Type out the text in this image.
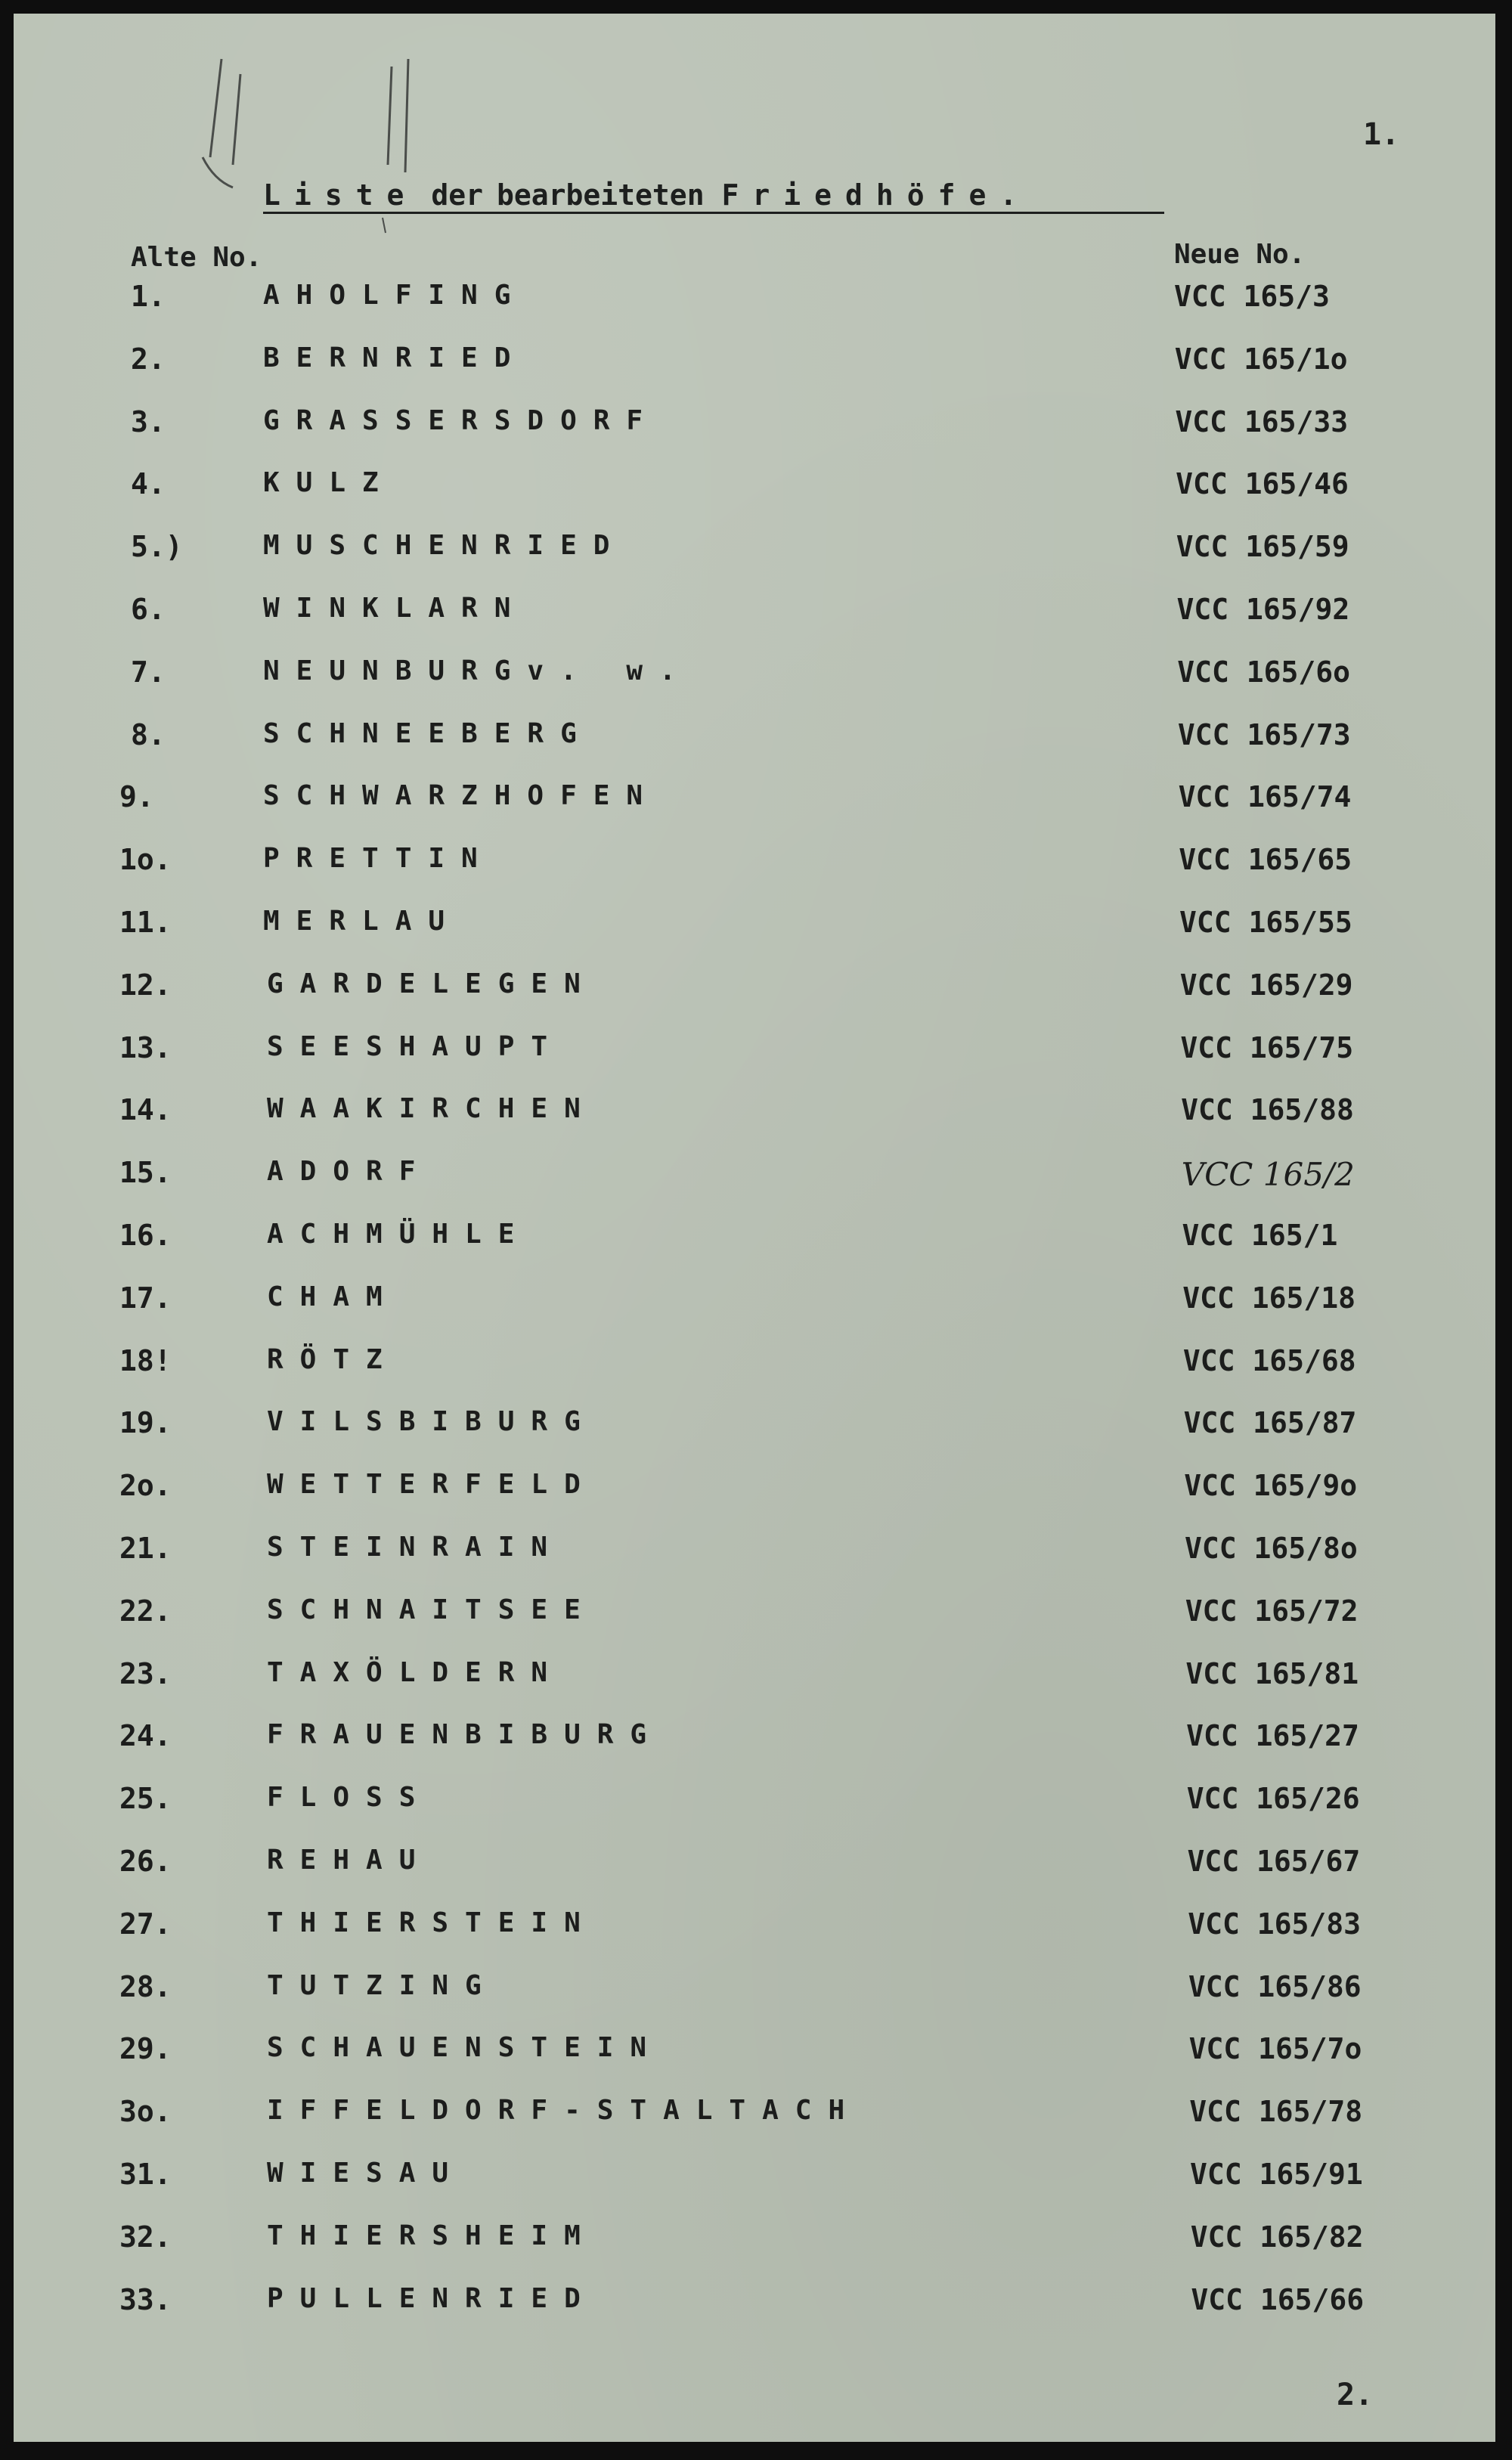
1.
Liste der bearbeiteten Friedhöfe.
Alte No.	Neue No.
1.	AHOLFING	VCC 165/3
2.	BERNRIED	VCC 165/1o
3.	GRASSERSDORF	VCC 165/33
4.	KULZ	VCC 165/46
5.)	MUSCHENRIED	VCC 165/59
6.	WINKLARN	VCC 165/92
7.	NEUNBURGv. w.	VCC 165/6o
8.	SCHNEEBERG	VCC 165/73
9.	SCHWARZHOFEN	VCC 165/74
1o.	PRETTIN	VCC 165/65
11.	MERLAU	VCC 165/55
12.	GARDELEGEN	VCC 165/29
13.	SEESHAUPT	VCC 165/75
14.	WAAKIRCHEN	VCC 165/88
15.	ADORF	VCC 165/2
16.	ACHMÜHLE	VCC 165/1
17.	CHAM	VCC 165/18
18!	RÖTZ	VCC 165/68
19.	VILSBIBURG	VCC 165/87
2o.	WETTERFELD	VCC 165/9o
21.	STEINRAIN	VCC 165/8o
22.	SCHNAITSEE	VCC 165/72
23.	TAXÖLDERN	VCC 165/81
24.	FRAUENBIBURG	VCC 165/27
25.	FLOSS	VCC 165/26
26.	REHAU	VCC 165/67
27.	THIERSTEIN	VCC 165/83
28.	TUTZING	VCC 165/86
29.	SCHAUENSTEIN	VCC 165/7o
3o.	IFFELDORF-STALTACH	VCC 165/78
31.	WIESAU	VCC 165/91
32.	THIERSHEIM	VCC 165/82
33.	PULLENRIED	VCC 165/66
2.
